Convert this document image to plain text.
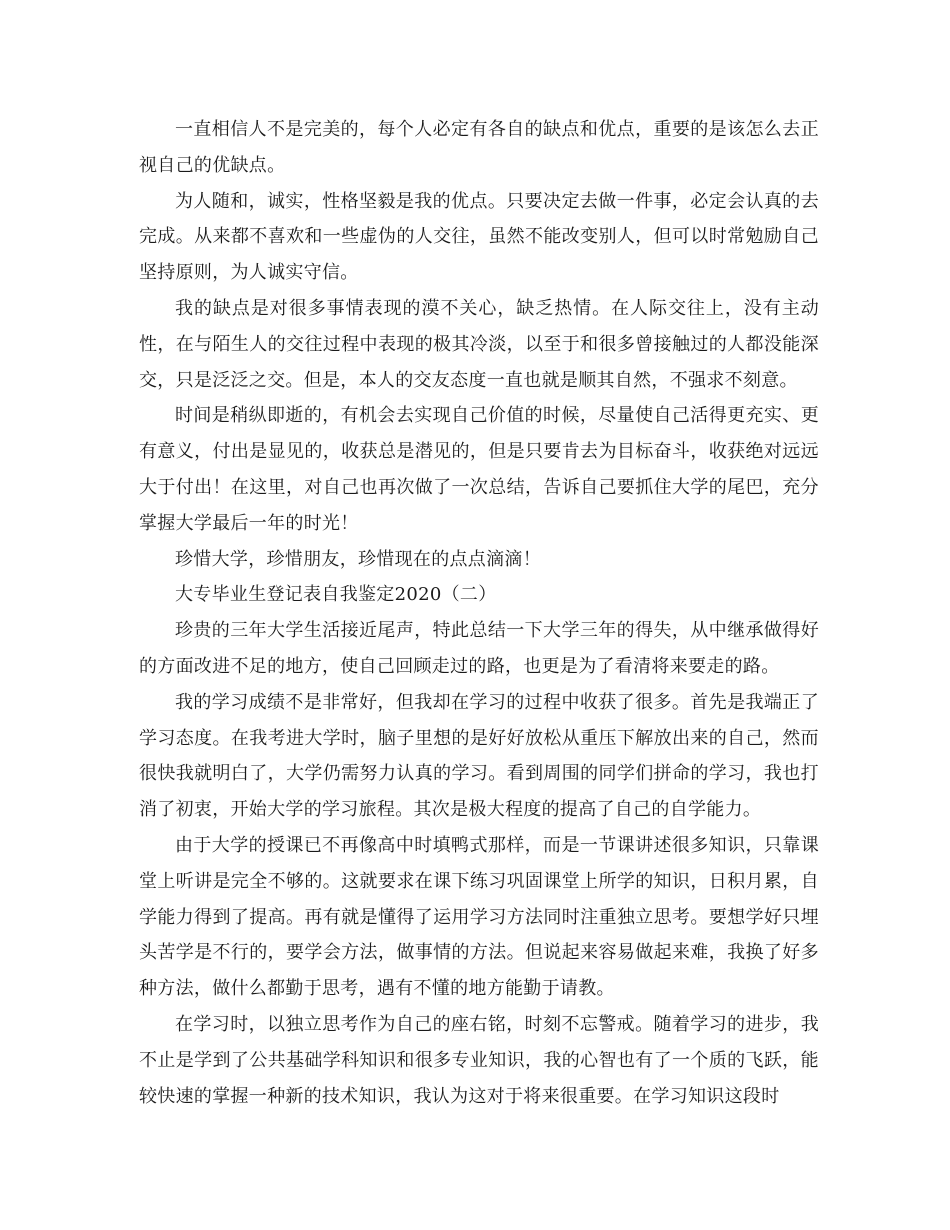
一直相信人不是完美的，每个人必定有各自的缺点和优点，重要的是该怎么去正视自己的优缺点。

为人随和，诚实，性格坚毅是我的优点。只要决定去做一件事，必定会认真的去完成。从来都不喜欢和一些虚伪的人交往，虽然不能改变别人，但可以时常勉励自己坚持原则，为人诚实守信。

我的缺点是对很多事情表现的漠不关心，缺乏热情。在人际交往上，没有主动性，在与陌生人的交往过程中表现的极其冷淡，以至于和很多曾接触过的人都没能深交，只是泛泛之交。但是，本人的交友态度一直也就是顺其自然，不强求不刻意。

时间是稍纵即逝的，有机会去实现自己价值的时候，尽量使自己活得更充实、更有意义，付出是显见的，收获总是潜见的，但是只要肯去为目标奋斗，收获绝对远远大于付出！在这里，对自己也再次做了一次总结，告诉自己要抓住大学的尾巴，充分掌握大学最后一年的时光！

珍惜大学，珍惜朋友，珍惜现在的点点滴滴！

大专毕业生登记表自我鉴定2020（二）

珍贵的三年大学生活接近尾声，特此总结一下大学三年的得失，从中继承做得好的方面改进不足的地方，使自己回顾走过的路，也更是为了看清将来要走的路。

我的学习成绩不是非常好，但我却在学习的过程中收获了很多。首先是我端正了学习态度。在我考进大学时，脑子里想的是好好放松从重压下解放出来的自己，然而很快我就明白了，大学仍需努力认真的学习。看到周围的同学们拼命的学习，我也打消了初衷，开始大学的学习旅程。其次是极大程度的提高了自己的自学能力。

由于大学的授课已不再像高中时填鸭式那样，而是一节课讲述很多知识，只靠课堂上听讲是完全不够的。这就要求在课下练习巩固课堂上所学的知识，日积月累，自学能力得到了提高。再有就是懂得了运用学习方法同时注重独立思考。要想学好只埋头苦学是不行的，要学会方法，做事情的方法。但说起来容易做起来难，我换了好多种方法，做什么都勤于思考，遇有不懂的地方能勤于请教。

在学习时，以独立思考作为自己的座右铭，时刻不忘警戒。随着学习的进步，我不止是学到了公共基础学科知识和很多专业知识，我的心智也有了一个质的飞跃，能较快速的掌握一种新的技术知识，我认为这对于将来很重要。在学习知识这段时
